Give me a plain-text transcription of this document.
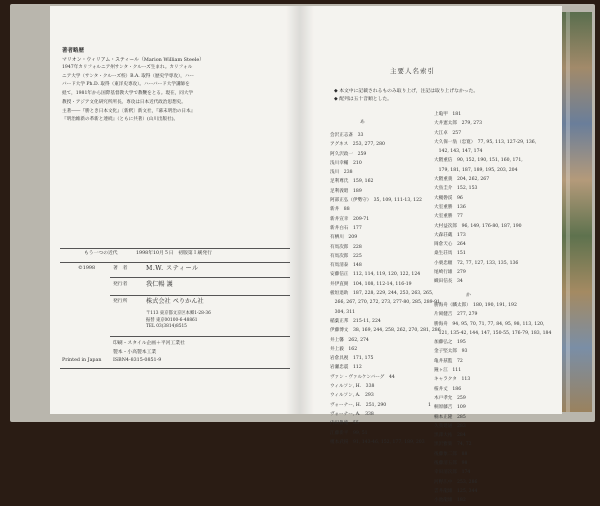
著者略歴
マリオン・ウィリアム・スティール（Marion William Steele）
1947年カリフォルニア州サンタ・クルーズ生まれ。カリフォル
ニア大学（サンタ・クルーズ校）B.A. 取得（歴史学専攻），ハー
バード大学 Ph.D. 取得（東洋史専攻）。ハーバード大学講師を
経て，1981年から国際基督教大学で教鞭をとる。現在，同大学
教授・アジア文化研究所所長。専攻は日本近代政治思想史。
主著――『勝とき日本文化』〔新釈〕新文社，『幕末明治の日本』
『明治維新の革新と連続』（ともに共著）(山川出版社)。
もう一つの近代	1998年10月５日　初版第１刷発行
©1998	著　者	M.W. スティール
発行者	我仁暢 護
発行所	株式会社 ぺりかん社
〒113 東京都文京区本郷1-28-36
振替 東京00100-6-48861
TEL 03(3814)8515
印刷・スタイル企画＋平河工業社
製本・小高製本工業
Printed in Japan ISBN4-8315-0851-9
主要人名索引
◆ 本文中に記載されるものみ取り上げ，注記は取り上げなかった。
◆ 配列は五十音順とした。
上亀甲　181
大井憲太郎　279, 273
大江卓　257
大久保一翁（忠寛）　77, 95, 113, 127-29, 136,
　142, 143, 147, 174
大隈重信　90, 152, 190, 151, 160, 171,
　179, 181, 187, 189, 195, 203, 204
大隈重義　204, 262, 267
大鳥圭介　152, 153
大槻磐渓　96
大室重勝　136
大室重勝　77
大村益次郎　96, 149, 176-80, 187, 190
大森荘蔵　173
岡倉天心　264
桑生荘馬　151
小栗忠順　72, 77, 127, 133, 135, 136
尾崎行雄　279
織田信長　34
あ
会沢正志斎　33
アグネス　253, 277, 280
阿久沢政一　259
浅川幸輔　210
浅川　238
足利尊氏　159, 162
足利義昭　189
阿部正弘（伊勢守）　35, 109, 111-13, 122
新井　88
新井宣幸　209-71
新井白石　177
有栖川　209
有馬次郎　228
有馬次郎　225
有馬清泰　148
安藤信正　112, 114, 119, 120, 122, 124
井伊直弼　104, 108, 112-14, 116-19
板垣退助　187, 228, 229, 244, 253, 263, 265,
　266, 267, 270, 272, 273, 277-80, 285, 289-91,
　304, 311
稲葉正邦　215-11, 224
伊藤博文　38, 169, 244, 258, 262, 270, 281, 286
井上馨　262, 274
井上毅　162
岩倉具視　171, 175
岩瀬忠震　112
ヴァン・ヴァルケンバーグ　44
ウィルソン, H.　338
ウィルソン, A.　293
ヴォーナー, H.　251, 290
ヴォーナー, A.　338
内田魯庵　55
江藤新平　99, 51
榎本武揚　91, 143-46, 152, 177, 189, 203
か
勝海舟（麟太郎）　180, 190, 191, 192
片岡健吉　277, 279
勝海舟　94, 95, 70, 71, 77, 84, 95, 98, 113, 120,
　121, 135-42, 144, 147, 150-55, 176-79, 183, 184
加藤弘之　195
金子堅太郎　93
亀井茲監　72
鐘ヶ江　111
キャラクタ　113
桜井丈　186
木戸孝允　259
桐原藤吉　109
楠本正隆　285
久我建通　283
黒澤大祐　284
黒沢雅楽　74, 72
後藤象二郎　88
後藤清五郎　98
幸田清次郎　174
河野広中　253, 286
雲井龍雄　125, 344
小池龍雄　182
1
